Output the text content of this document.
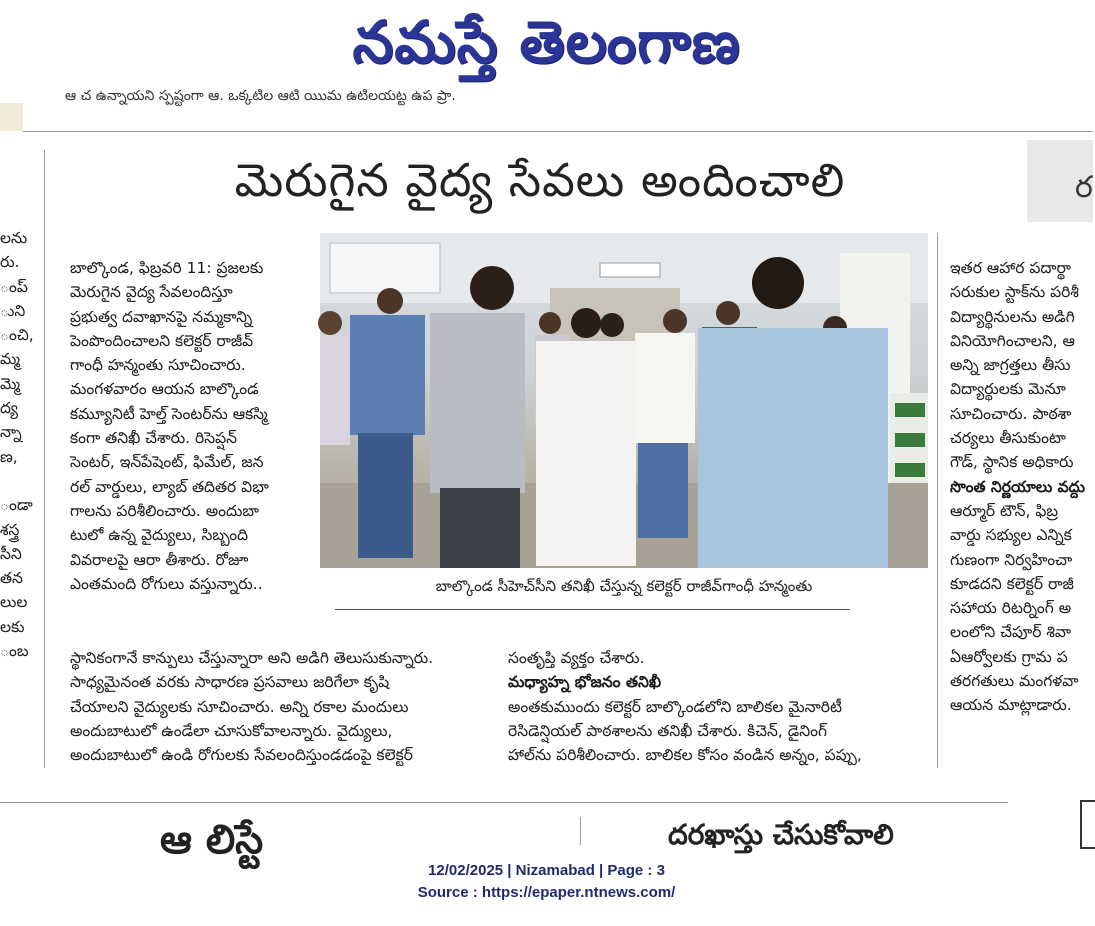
నమస్తే తెలంగాణ
ఆ చ ఉన్నాయని స్పష్టంగా ఆ. ఒక్కటిల ఆటి యిుమ ఉటిలయట్ట ఉప ప్రా.
మెరుగైన వైద్య సేవలు అందించాలి	ర
లను
రు.
ంప్
ుని
ంచి,
మ్మ
మ్మె
ద్య
న్నా
ణ,
ండా
శస్త్ర
సీని
తన
లుల
లకు
ంబ
బాల్కొండ, ఫిబ్రవరి 11: ప్రజలకు
మెరుగైన వైద్య సేవలందిస్తూ
ప్రభుత్వ దవాఖానపై నమ్మకాన్ని
పెంపొందించాలని కలెక్టర్ రాజీవ్
గాంధీ హన్మంతు సూచించారు.
మంగళవారం ఆయన బాల్కొండ
కమ్యూనిటీ హెల్త్ సెంటర్‌ను ఆకస్మి
కంగా తనిఖీ చేశారు. రిసెప్షన్
సెంటర్, ఇన్‌పేషెంట్, ఫిమేల్, జన
రల్ వార్డులు, ల్యాబ్ తదితర విభా
గాలను పరిశీలించారు. అందుబా
టులో ఉన్న వైద్యులు, సిబ్బంది
వివరాలపై ఆరా తీశారు. రోజూ
ఎంతమంది రోగులు వస్తున్నారు..	బాల్కొండ సీహెచ్‌సీని తనిఖీ చేస్తున్న కలెక్టర్ రాజీవ్‌గాంధీ హన్మంతు
స్థానికంగానే కాన్పులు చేస్తున్నారా అని అడిగి తెలుసుకున్నారు.
సాధ్యమైనంత వరకు సాధారణ ప్రసవాలు జరిగేలా కృషి
చేయాలని వైద్యులకు సూచించారు. అన్ని రకాల మందులు
అందుబాటులో ఉండేలా చూసుకోవాలన్నారు. వైద్యులు,
అందుబాటులో ఉండి రోగులకు సేవలందిస్తుండడంపై కలెక్టర్
సంతృప్తి వ్యక్తం చేశారు.
మధ్యాహ్న భోజనం తనిఖీ
అంతకుముందు కలెక్టర్ బాల్కొండలోని బాలికల మైనారిటీ
రెసిడెన్షియల్ పాఠశాలను తనిఖీ చేశారు. కిచెన్, డైనింగ్
హాల్‌ను పరిశీలించారు. బాలికల కోసం వండిన అన్నం, పప్పు,
ఇతర ఆహార పదార్థా
సరుకుల స్టాక్‌ను పరిశీ
విద్యార్థినులను అడిగి
వినియోగించాలని, ఆ
అన్ని జాగ్రత్తలు తీసు
విద్యార్థులకు మెనూ
సూచించారు. పాఠశా
చర్యలు తీసుకుంటా
గౌడ్, స్థానిక అధికారు
సొంత నిర్ణయాలు వద్దు
ఆర్మూర్ టౌన్, ఫిబ్ర
వార్డు సభ్యుల ఎన్నిక
గుణంగా నిర్వహించా
కూడదని కలెక్టర్ రాజీ
సహాయ రిటర్నింగ్ అ
లంలోని చేపూర్ శివా
ఏఆర్వోలకు గ్రామ ప
తరగతులు మంగళవా
ఆయన మాట్లాడారు.
ఆ లిస్టే	దరఖాస్తు చేసుకోవాలి
12/02/2025 | Nizamabad | Page : 3
Source : https://epaper.ntnews.com/
